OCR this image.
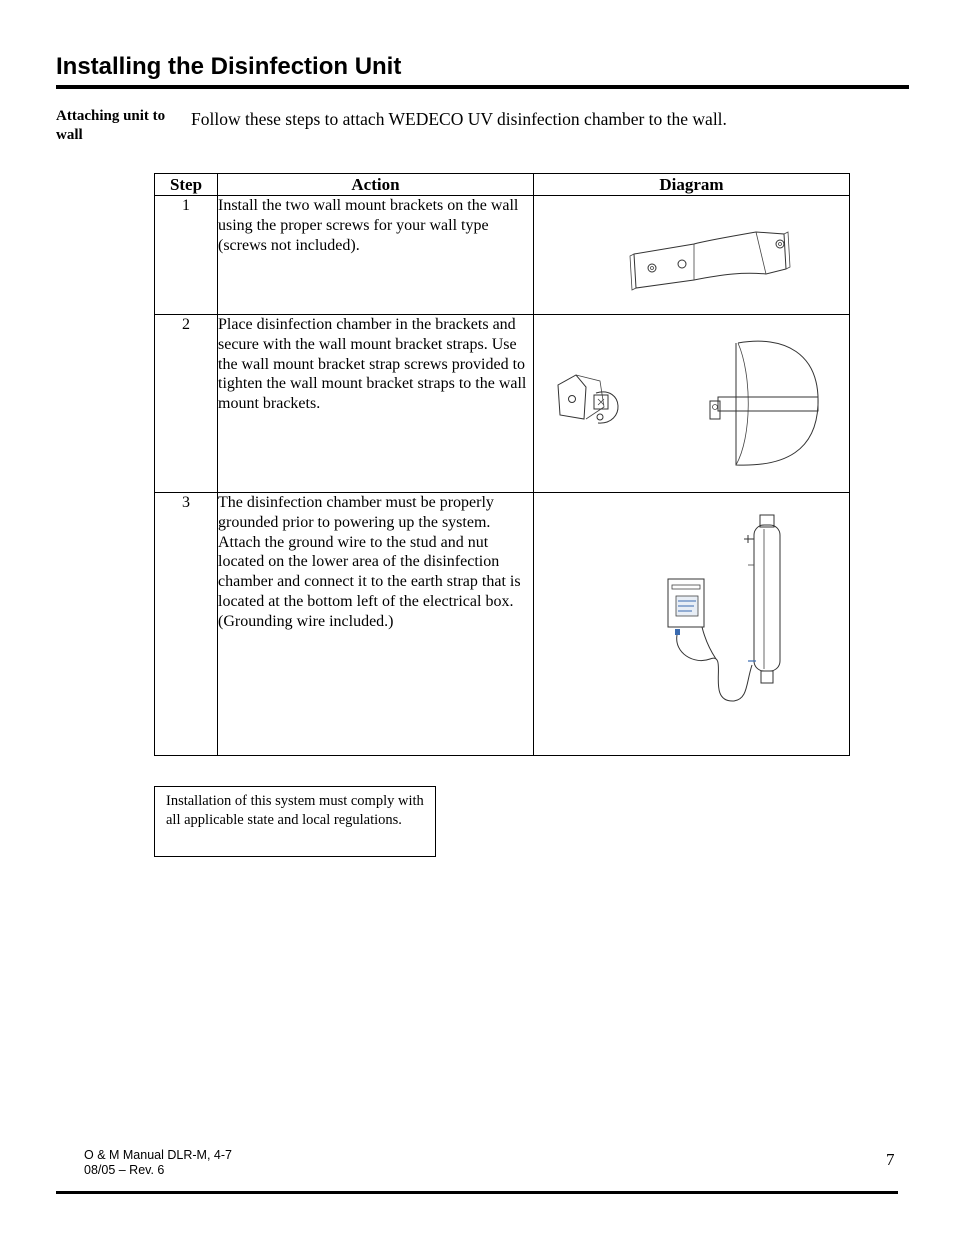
Installing the Disinfection Unit
Attaching unit to wall
Follow these steps to attach WEDECO UV disinfection chamber to the wall.
Step	Action	Diagram
1	Install the two wall mount brackets on the wall using the proper screws for your wall type (screws not included).	

2	Place disinfection chamber in the brackets and secure with the wall mount bracket straps. Use the wall mount bracket strap screws provided to tighten the wall mount bracket straps to the wall mount brackets.	

3	The disinfection chamber must be properly grounded prior to powering up the system. Attach the ground wire to the stud and nut located on the lower area of the disinfection chamber and connect it to the earth strap that is located at the bottom left of the electrical box. (Grounding wire included.)	
Installation of this system must comply with all applicable state and local regulations.
O & M Manual DLR-M, 4-7
08/05 – Rev. 6
7
